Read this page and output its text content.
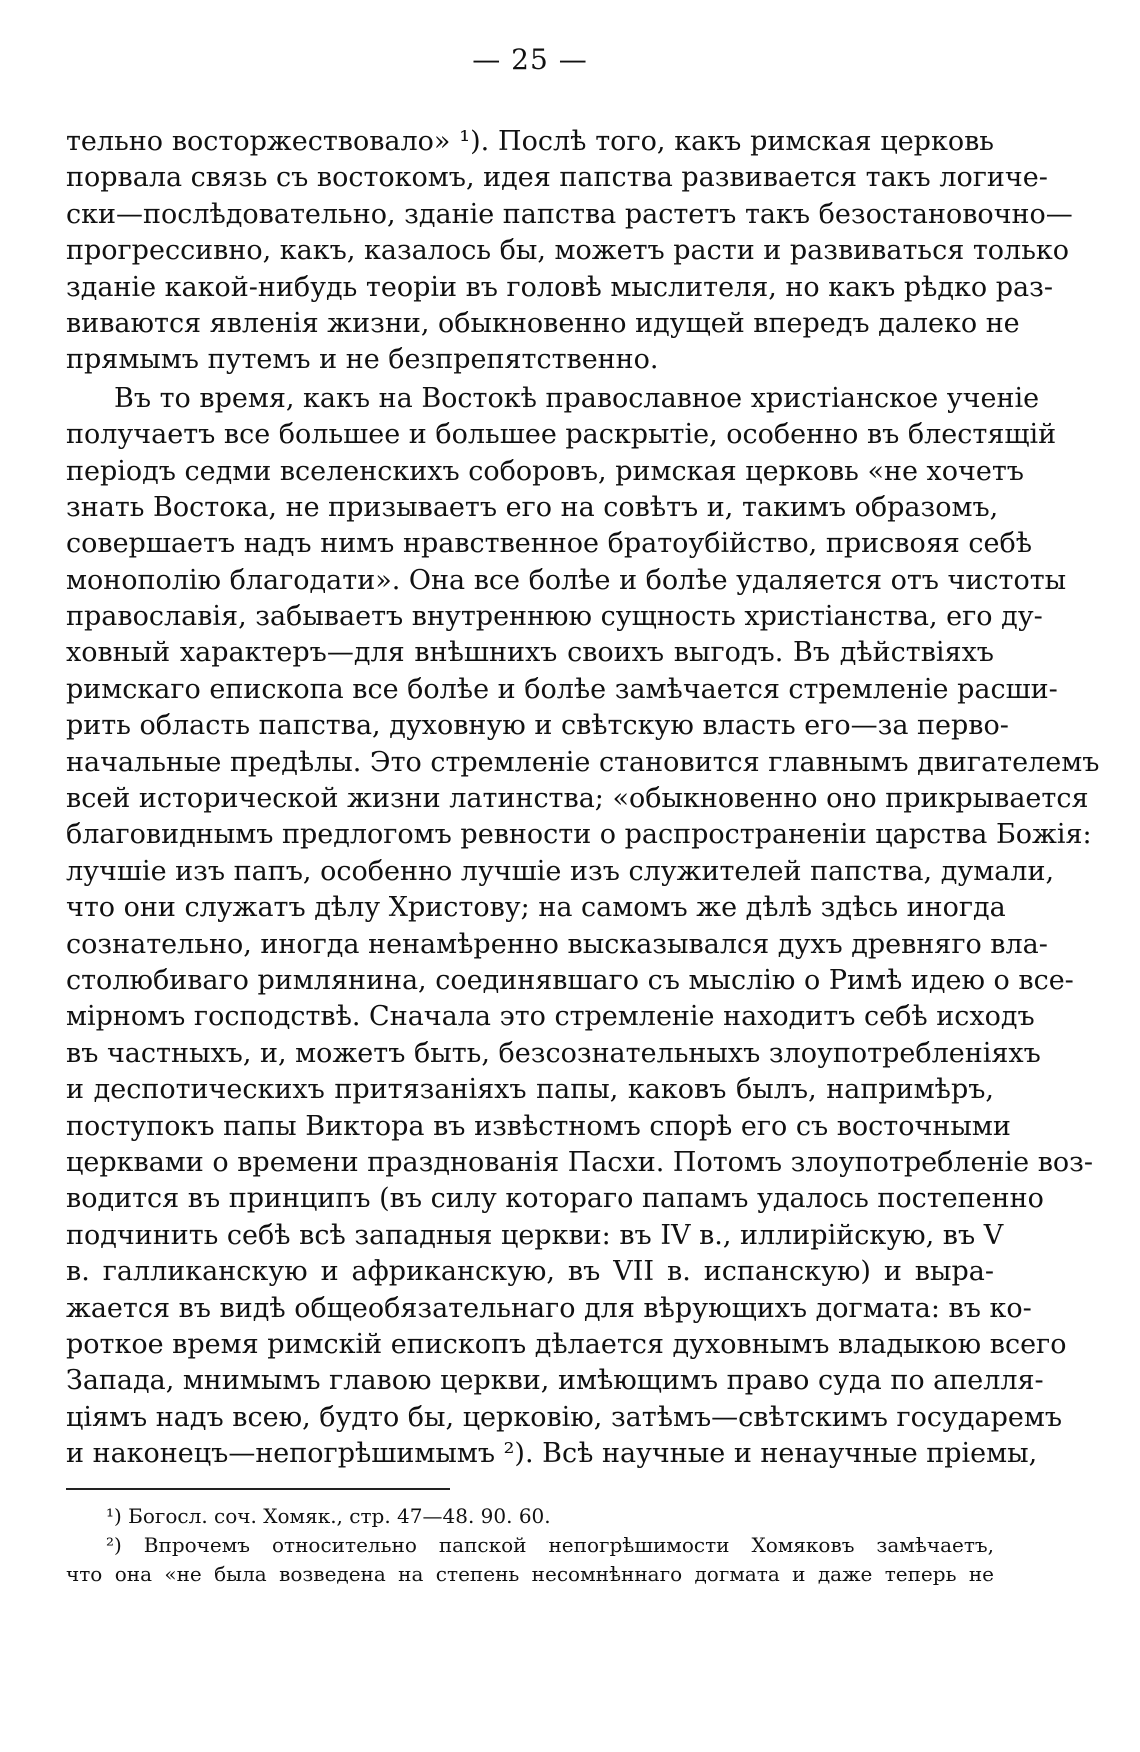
— 25 —
тельно восторжествовало» ¹). Послѣ того, какъ римская церковь
порвала связь съ востокомъ, идея папства развивается такъ логиче-
ски—послѣдовательно, зданіе папства растетъ такъ безостановочно—
прогрессивно, какъ, казалось бы, можетъ расти и развиваться только
зданіе какой-нибудь теоріи въ головѣ мыслителя, но какъ рѣдко раз-
виваются явленія жизни, обыкновенно идущей впередъ далеко не
прямымъ путемъ и не безпрепятственно.
Въ то время, какъ на Востокѣ православное христіанское ученіе
получаетъ все большее и большее раскрытіе, особенно въ блестящій
періодъ седми вселенскихъ соборовъ, римская церковь «не хочетъ
знать Востока, не призываетъ его на совѣтъ и, такимъ образомъ,
совершаетъ надъ нимъ нравственное братоубійство, присвояя себѣ
монополію благодати». Она все болѣе и болѣе удаляется отъ чистоты
православія, забываетъ внутреннюю сущность христіанства, его ду-
ховный характеръ—для внѣшнихъ своихъ выгодъ. Въ дѣйствіяхъ
римскаго епископа все болѣе и болѣе замѣчается стремленіе расши-
рить область папства, духовную и свѣтскую власть его—за перво-
начальные предѣлы. Это стремленіе становится главнымъ двигателемъ
всей исторической жизни латинства; «обыкновенно оно прикрывается
благовиднымъ предлогомъ ревности о распространеніи царства Божія:
лучшіе изъ папъ, особенно лучшіе изъ служителей папства, думали,
что они служатъ дѣлу Христову; на самомъ же дѣлѣ здѣсь иногда
сознательно, иногда ненамѣренно высказывался духъ древняго вла-
столюбиваго римлянина, соединявшаго съ мыслію о Римѣ идею о все-
мірномъ господствѣ. Сначала это стремленіе находитъ себѣ исходъ
въ частныхъ, и, можетъ быть, безсознательныхъ злоупотребленіяхъ
и деспотическихъ притязаніяхъ папы, каковъ былъ, напримѣръ,
поступокъ папы Виктора въ извѣстномъ спорѣ его съ восточными
церквами о времени празднованія Пасхи. Потомъ злоупотребленіе воз-
водится въ принципъ (въ силу котораго папамъ удалось постепенно
подчинить себѣ всѣ западныя церкви: въ IV в., иллирійскую, въ V
в. галликанскую и африканскую, въ VII в. испанскую) и выра-
жается въ видѣ общеобязательнаго для вѣрующихъ догмата: въ ко-
роткое время римскій епископъ дѣлается духовнымъ владыкою всего
Запада, мнимымъ главою церкви, имѣющимъ право суда по апелля-
ціямъ надъ всею, будто бы, церковію, затѣмъ—свѣтскимъ государемъ
и наконецъ—непогрѣшимымъ ²). Всѣ научные и ненаучные пріемы,
¹) Богосл. соч. Хомяк., стр. 47—48. 90. 60.
²) Впрочемъ относительно папской непогрѣшимости Хомяковъ замѣчаетъ,
что она «не была возведена на степень несомнѣннаго догмата и даже теперь не
